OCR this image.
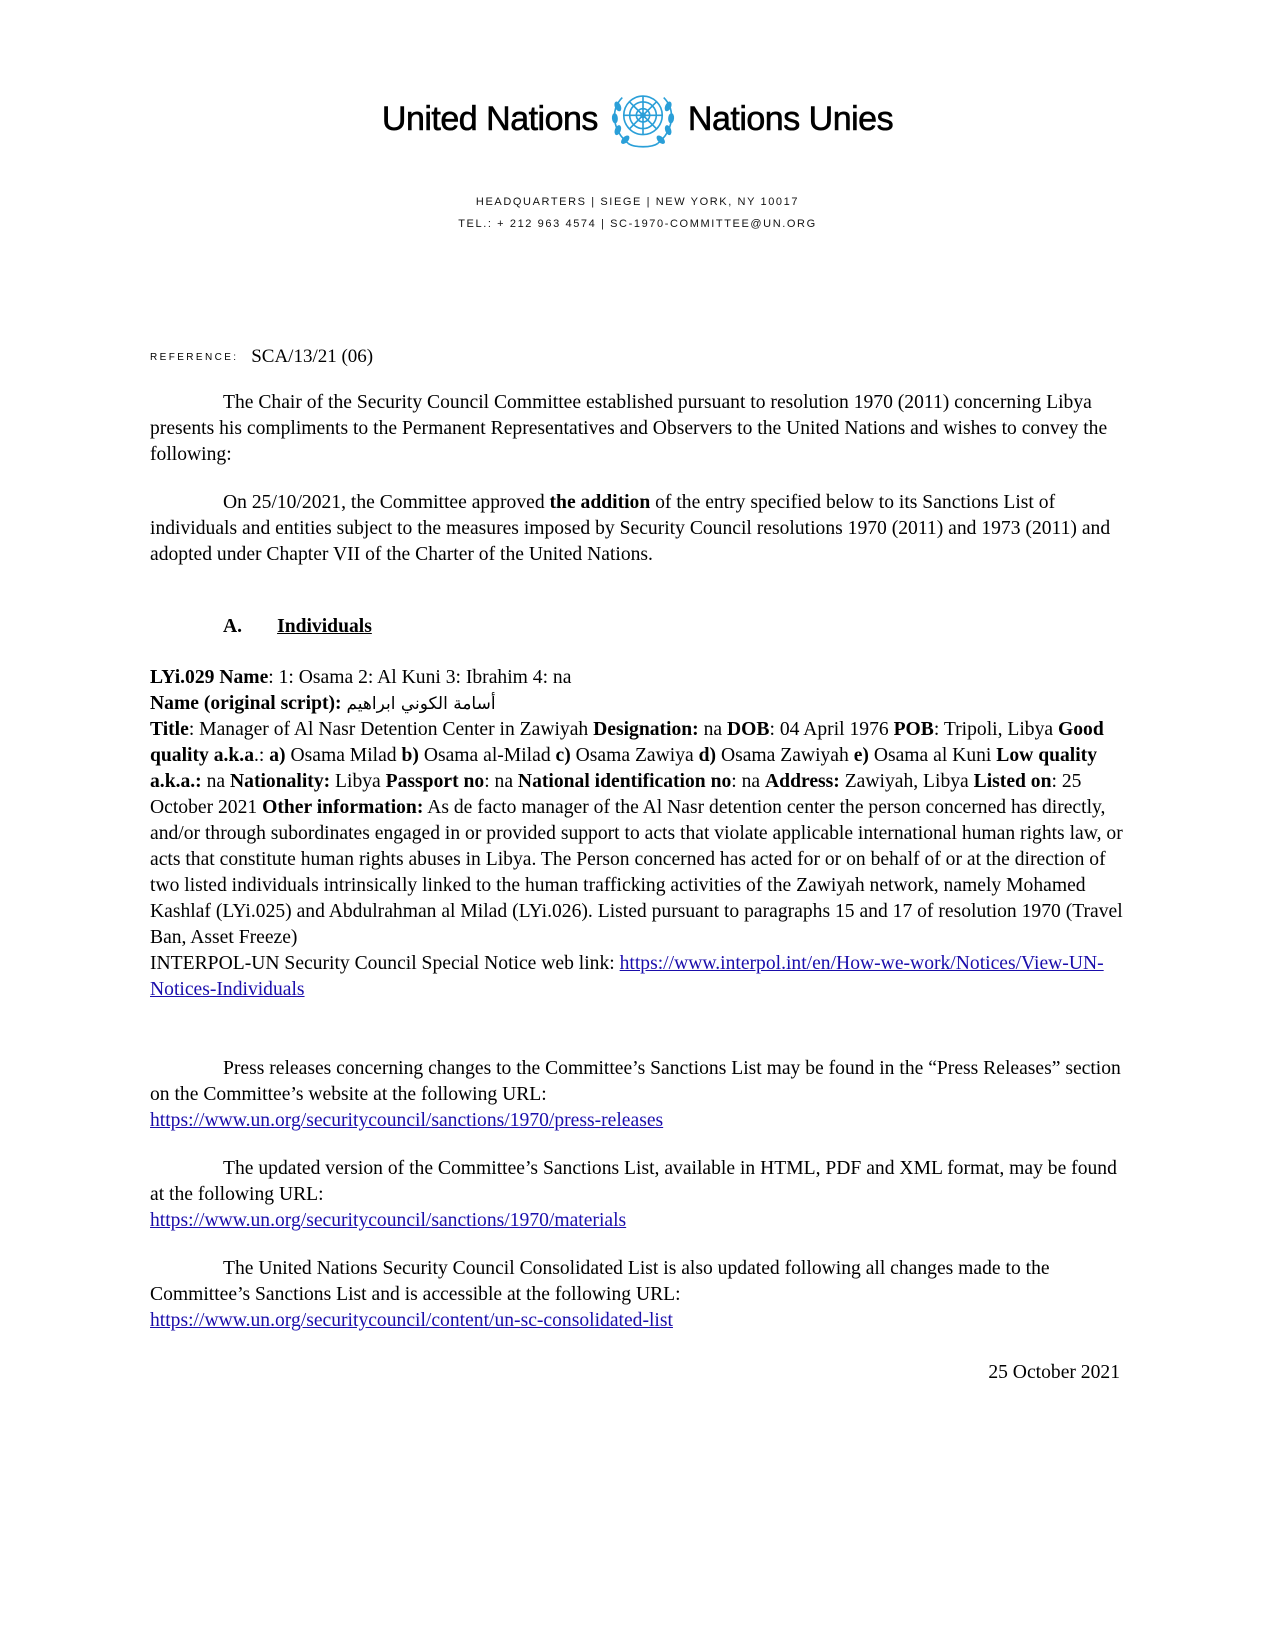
United Nations	Nations Unies
HEADQUARTERS | SIEGE | NEW YORK, NY 10017
TEL.: + 212 963 4574 | SC-1970-COMMITTEE@UN.ORG
REFERENCE: SCA/13/21 (06)

The Chair of the Security Council Committee established pursuant to resolution 1970 (2011) concerning Libya presents his compliments to the Permanent Representatives and Observers to the United Nations and wishes to convey the following:

On 25/10/2021, the Committee approved the addition of the entry specified below to its Sanctions List of individuals and entities subject to the measures imposed by Security Council resolutions 1970 (2011) and 1973 (2011) and adopted under Chapter VII of the Charter of the United Nations.

A. Individuals
LYi.029 Name: 1: Osama 2: Al Kuni 3: Ibrahim 4: na
Name (original script): أسامة الكوني ابراهيم
Title: Manager of Al Nasr Detention Center in Zawiyah Designation: na DOB: 04 April 1976 POB: Tripoli, Libya Good quality a.k.a.: a) Osama Milad b) Osama al-Milad c) Osama Zawiya d) Osama Zawiyah e) Osama al Kuni Low quality a.k.a.: na Nationality: Libya Passport no: na National identification no: na Address: Zawiyah, Libya Listed on: 25 October 2021 Other information: As de facto manager of the Al Nasr detention center the person concerned has directly, and/or through subordinates engaged in or provided support to acts that violate applicable international human rights law, or acts that constitute human rights abuses in Libya. The Person concerned has acted for or on behalf of or at the direction of two listed individuals intrinsically linked to the human trafficking activities of the Zawiyah network, namely Mohamed Kashlaf (LYi.025) and Abdulrahman al Milad (LYi.026). Listed pursuant to paragraphs 15 and 17 of resolution 1970 (Travel Ban, Asset Freeze)
INTERPOL-UN Security Council Special Notice web link: https://www.interpol.int/en/How-we-work/Notices/View-UN-Notices-Individuals
Press releases concerning changes to the Committee’s Sanctions List may be found in the “Press Releases” section on the Committee’s website at the following URL:
https://www.un.org/securitycouncil/sanctions/1970/press-releases
The updated version of the Committee’s Sanctions List, available in HTML, PDF and XML format, may be found at the following URL:
https://www.un.org/securitycouncil/sanctions/1970/materials
The United Nations Security Council Consolidated List is also updated following all changes made to the Committee’s Sanctions List and is accessible at the following URL:
https://www.un.org/securitycouncil/content/un-sc-consolidated-list
25 October 2021
